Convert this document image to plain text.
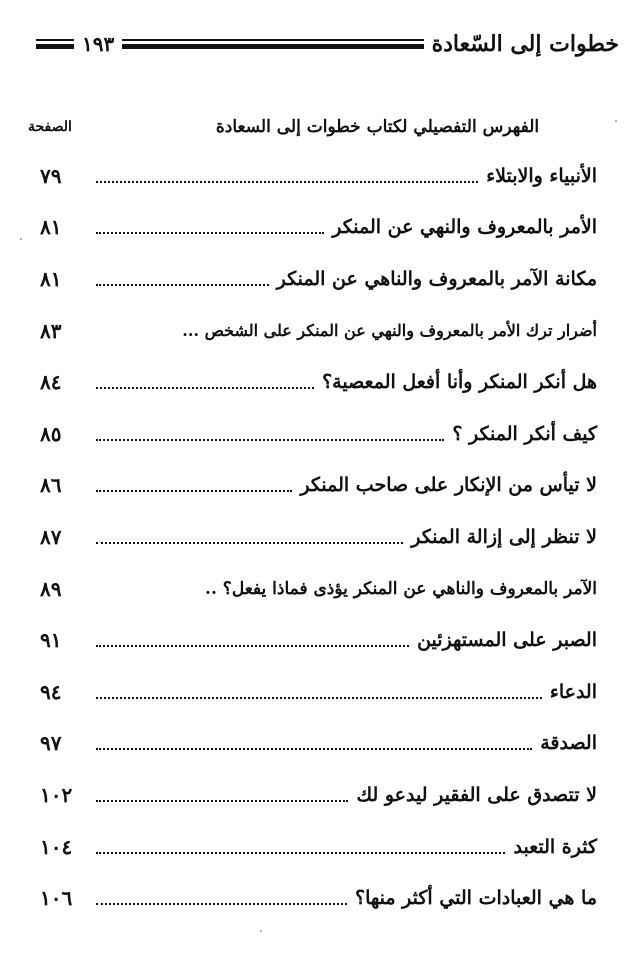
خطوات إلى السّعادة
١٩٣
الفهرس التفصيلي لكتاب خطوات إلى السعادة
الصفحة
الأنبياء والابتلاء
٧٩
الأمر بالمعروف والنهي عن المنكر
٨١
مكانة الآمر بالمعروف والناهي عن المنكر
٨١
أضرار ترك الأمر بالمعروف والنهي عن المنكر على الشخص ...
٨٣
هل أنكر المنكر وأنا أفعل المعصية؟
٨٤
كيف أنكر المنكر ؟
٨٥
لا تيأس من الإنكار على صاحب المنكر
٨٦
لا تنظر إلى إزالة المنكر
٨٧
الآمر بالمعروف والناهي عن المنكر يؤذى فماذا يفعل؟ ..
٨٩
الصبر على المستهزئين
٩١
الدعاء
٩٤
الصدقة
٩٧
لا تتصدق على الفقير ليدعو لك
١٠٢
كثرة التعبد
١٠٤
ما هي العبادات التي أكثر منها؟
١٠٦
